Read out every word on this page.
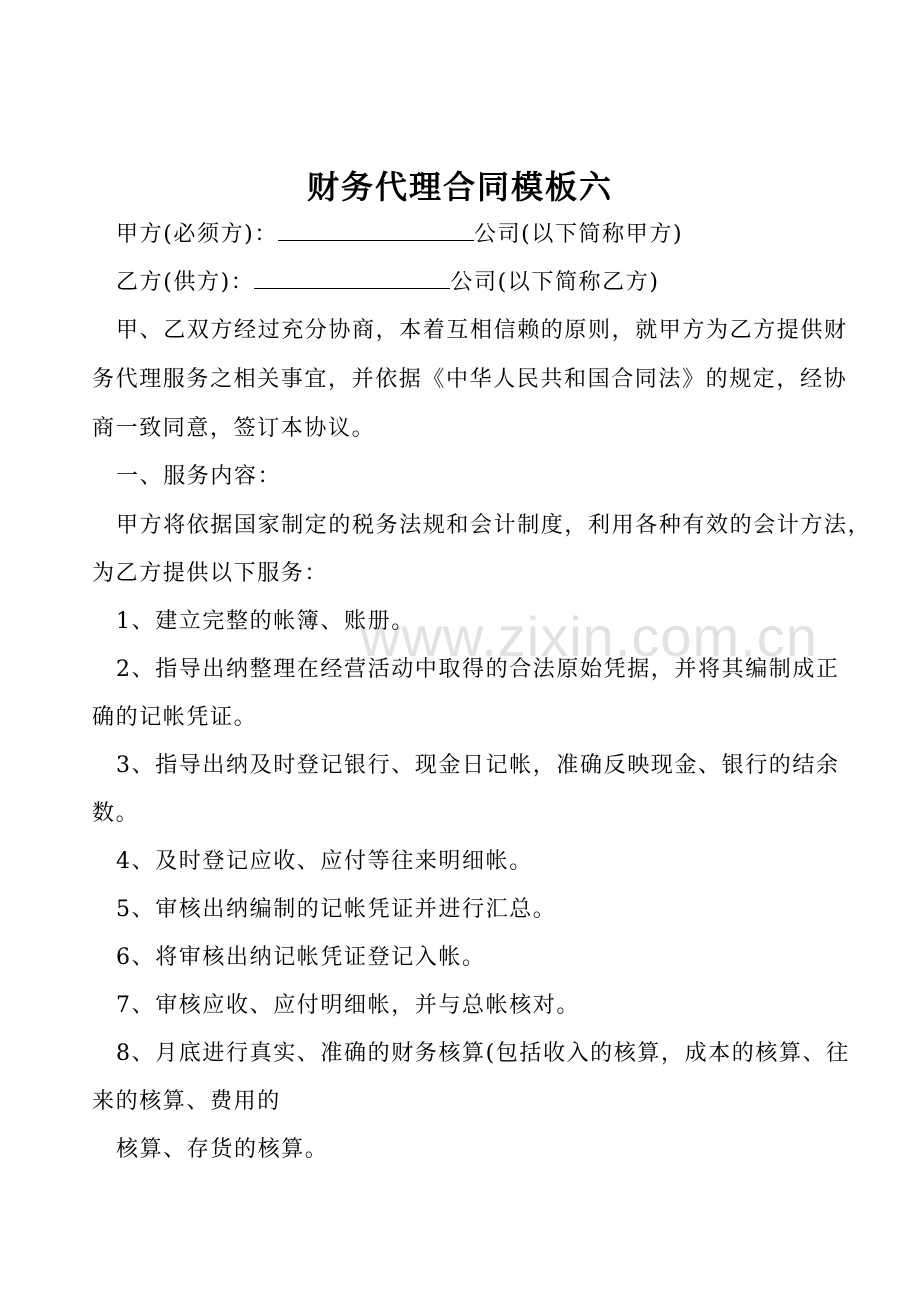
www.zixin.com.cn
财务代理合同模板六
甲方(必须方)：	公司(以下简称甲方)
乙方(供方)：	公司(以下简称乙方)
甲、乙双方经过充分协商，本着互相信赖的原则，就甲方为乙方提供财
务代理服务之相关事宜，并依据《中华人民共和国合同法》的规定，经协
商一致同意，签订本协议。
一、服务内容：
甲方将依据国家制定的税务法规和会计制度，利用各种有效的会计方法，
为乙方提供以下服务：
1、建立完整的帐簿、账册。
2、指导出纳整理在经营活动中取得的合法原始凭据，并将其编制成正
确的记帐凭证。
3、指导出纳及时登记银行、现金日记帐，准确反映现金、银行的结余
数。
4、及时登记应收、应付等往来明细帐。
5、审核出纳编制的记帐凭证并进行汇总。
6、将审核出纳记帐凭证登记入帐。
7、审核应收、应付明细帐，并与总帐核对。
8、月底进行真实、准确的财务核算(包括收入的核算，成本的核算、往
来的核算、费用的
核算、存货的核算。
